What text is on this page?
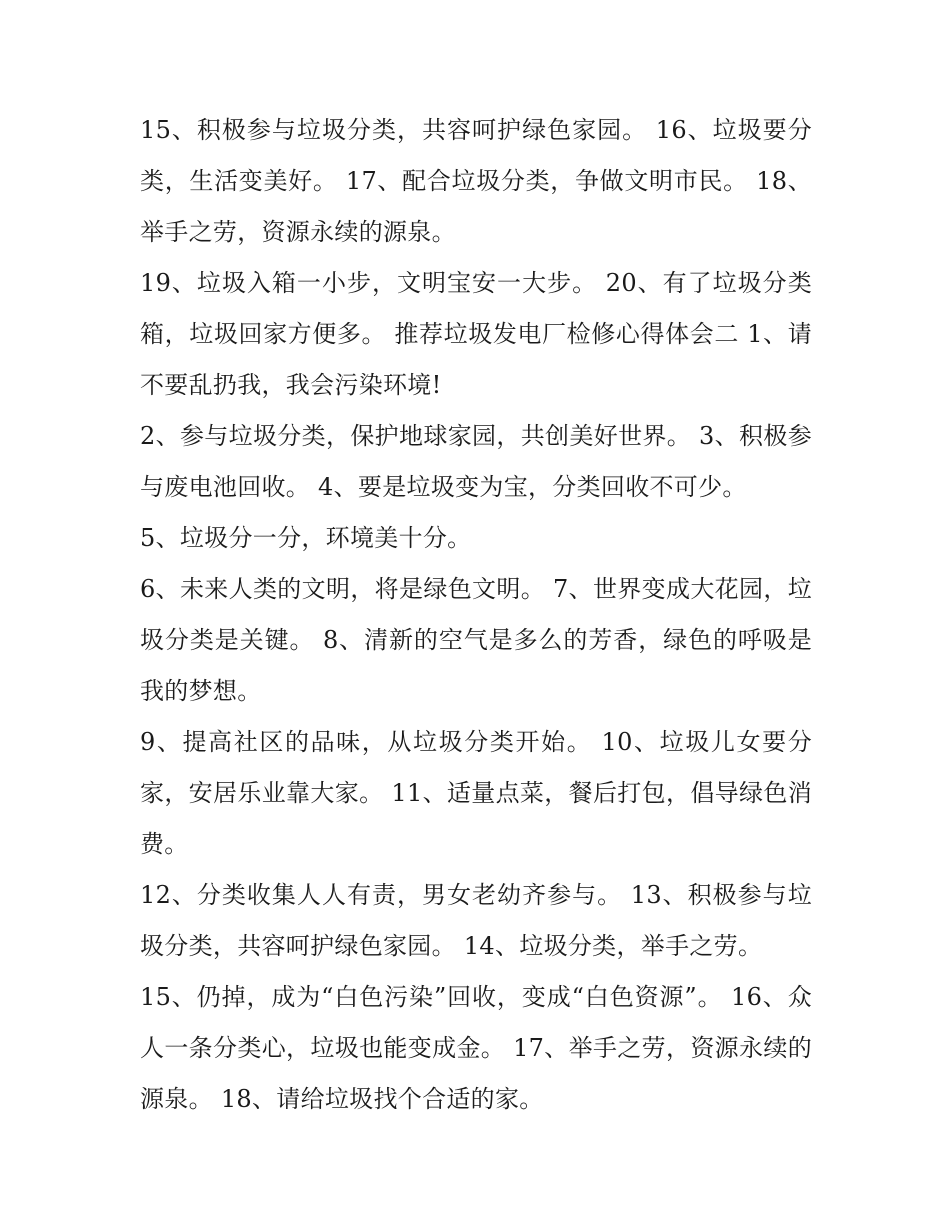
15、积极参与垃圾分类，共容呵护绿色家园。 16、垃圾要分类，生活变美好。 17、配合垃圾分类，争做文明市民。 18、举手之劳，资源永续的源泉。

19、垃圾入箱一小步，文明宝安一大步。 20、有了垃圾分类箱，垃圾回家方便多。 推荐垃圾发电厂检修心得体会二 1、请不要乱扔我，我会污染环境!

2、参与垃圾分类，保护地球家园，共创美好世界。 3、积极参与废电池回收。 4、要是垃圾变为宝，分类回收不可少。

5、垃圾分一分，环境美十分。

6、未来人类的文明，将是绿色文明。 7、世界变成大花园，垃圾分类是关键。 8、清新的空气是多么的芳香，绿色的呼吸是我的梦想。

9、提高社区的品味，从垃圾分类开始。 10、垃圾儿女要分家，安居乐业靠大家。 11、适量点菜，餐后打包，倡导绿色消费。

12、分类收集人人有责，男女老幼齐参与。 13、积极参与垃圾分类，共容呵护绿色家园。 14、垃圾分类，举手之劳。

15、仍掉，成为“白色污染”回收，变成“白色资源”。 16、众人一条分类心，垃圾也能变成金。 17、举手之劳，资源永续的源泉。 18、请给垃圾找个合适的家。
